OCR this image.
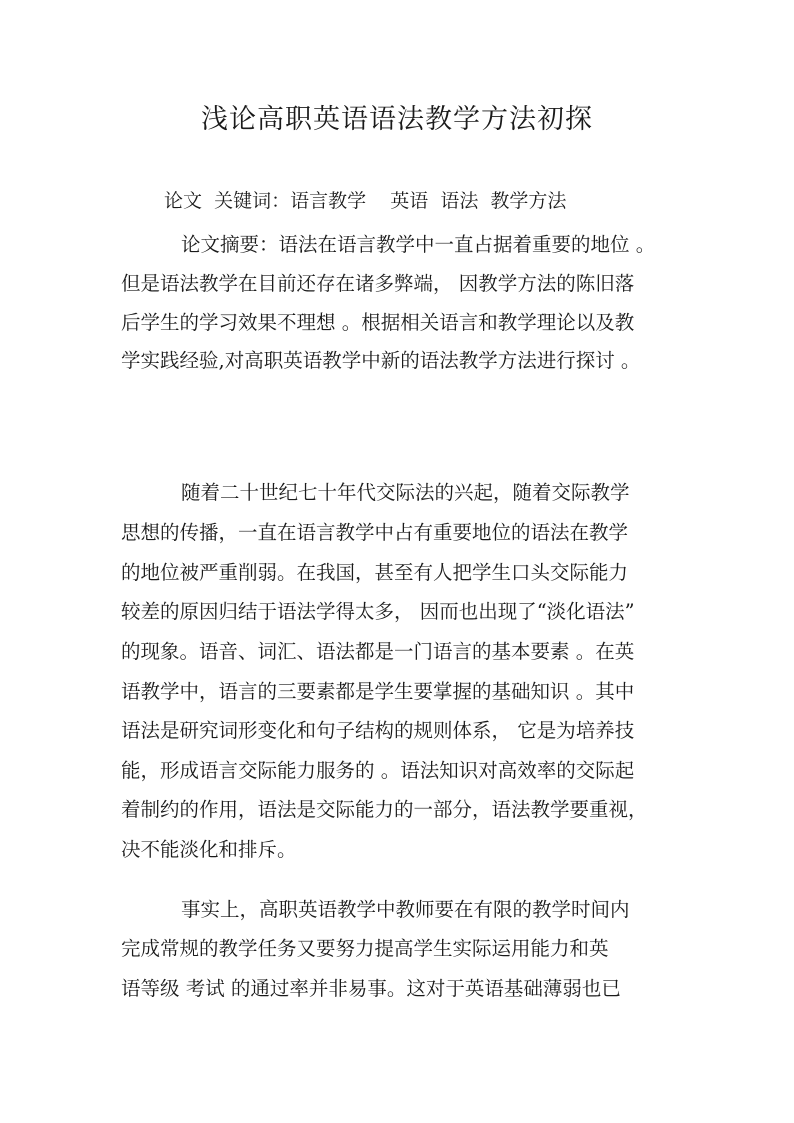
浅论高职英语语法教学方法初探

论文  关键词：语言教学    英语  语法  教学方法

论文摘要：语法在语言教学中一直占据着重要的地位 。

但是语法教学在目前还存在诸多弊端， 因教学方法的陈旧落

后学生的学习效果不理想 。根据相关语言和教学理论以及教

学实践经验,对高职英语教学中新的语法教学方法进行探讨 。

随着二十世纪七十年代交际法的兴起，随着交际教学

思想的传播，一直在语言教学中占有重要地位的语法在教学

的地位被严重削弱。在我国，甚至有人把学生口头交际能力

较差的原因归结于语法学得太多， 因而也出现了“淡化语法”

的现象。语音、词汇、语法都是一门语言的基本要素 。在英

语教学中，语言的三要素都是学生要掌握的基础知识 。其中

语法是研究词形变化和句子结构的规则体系， 它是为培养技

能，形成语言交际能力服务的 。语法知识对高效率的交际起

着制约的作用，语法是交际能力的一部分，语法教学要重视，

决不能淡化和排斥。

事实上，高职英语教学中教师要在有限的教学时间内

完成常规的教学任务又要努力提高学生实际运用能力和英

语等级 考试 的通过率并非易事。这对于英语基础薄弱也已
